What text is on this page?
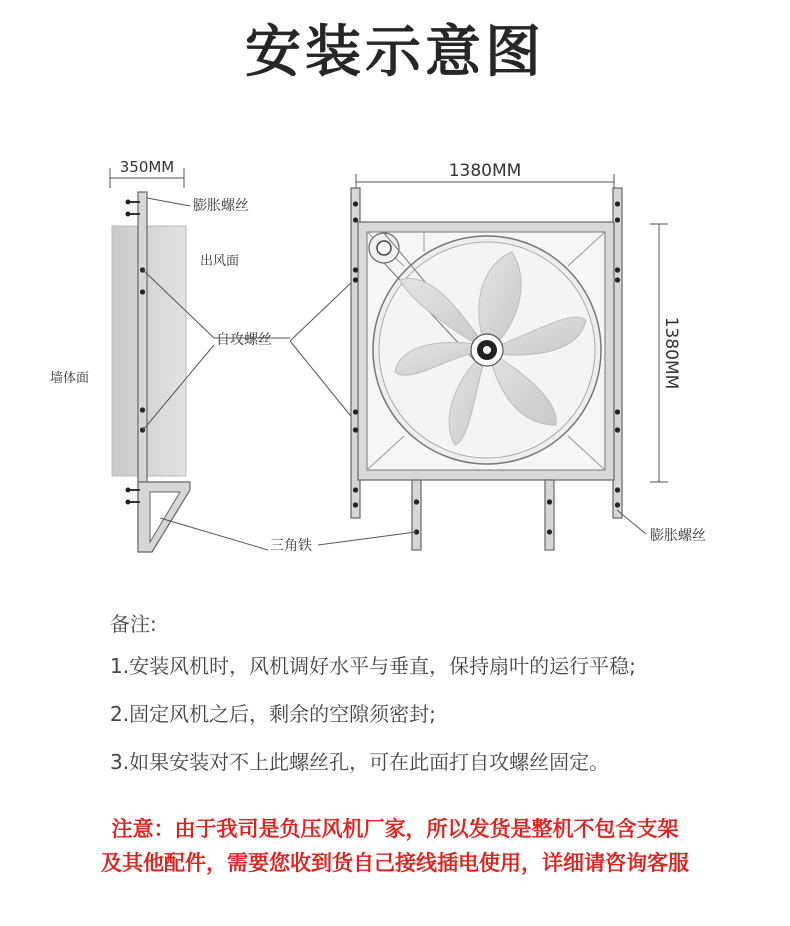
安装示意图
350MM
膨胀螺丝
出风面
墙体面
自攻螺丝
1380MM
1380MM
三角铁
膨胀螺丝
备注:
1.安装风机时，风机调好水平与垂直，保持扇叶的运行平稳;
2.固定风机之后，剩余的空隙须密封;
3.如果安装对不上此螺丝孔，可在此面打自攻螺丝固定。
注意：由于我司是负压风机厂家，所以发货是整机不包含支架
及其他配件，需要您收到货自己接线插电使用，详细请咨询客服
